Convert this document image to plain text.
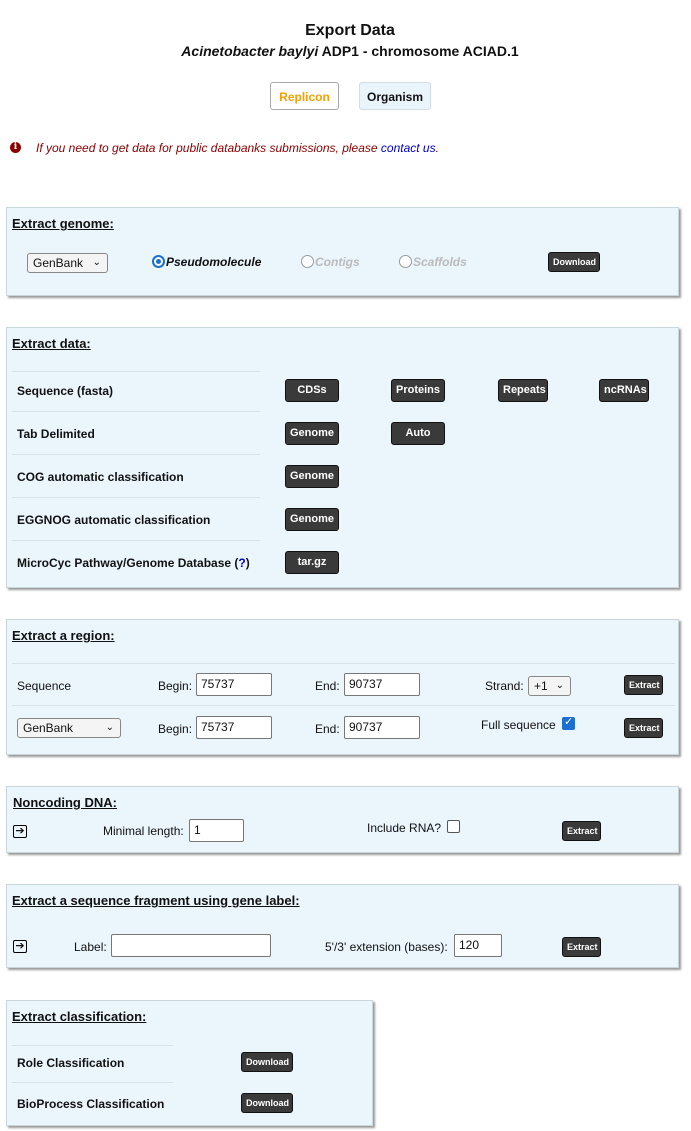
Export Data
Acinetobacter baylyi ADP1 - chromosome ACIAD.1
Replicon	Organism
i	If you need to get data for public databanks submissions, please contact us.
Extract genome:
GenBank ⌄	Pseudomolecule	Contigs	Scaffolds	Download
Extract data:
Sequence (fasta)	CDSs	Proteins	Repeats	ncRNAs
Tab Delimited	Genome	Auto
COG automatic classification	Genome
EGGNOG automatic classification	Genome
MicroCyc Pathway/Genome Database (?)	tar.gz
Extract a region:
Sequence	Begin: 75737	End: 90737	Strand: +1 ⌄	Extract
GenBank	⌄	Begin: 75737	End: 90737	Full sequence
✓	Extract
Noncoding DNA:
➔	Minimal length: 1	Include RNA?	Extract
Extract a sequence fragment using gene label:
➔	Label:	5'/3' extension (bases): 120	Extract
Extract classification:
Role Classification	Download
BioProcess Classification	Download
